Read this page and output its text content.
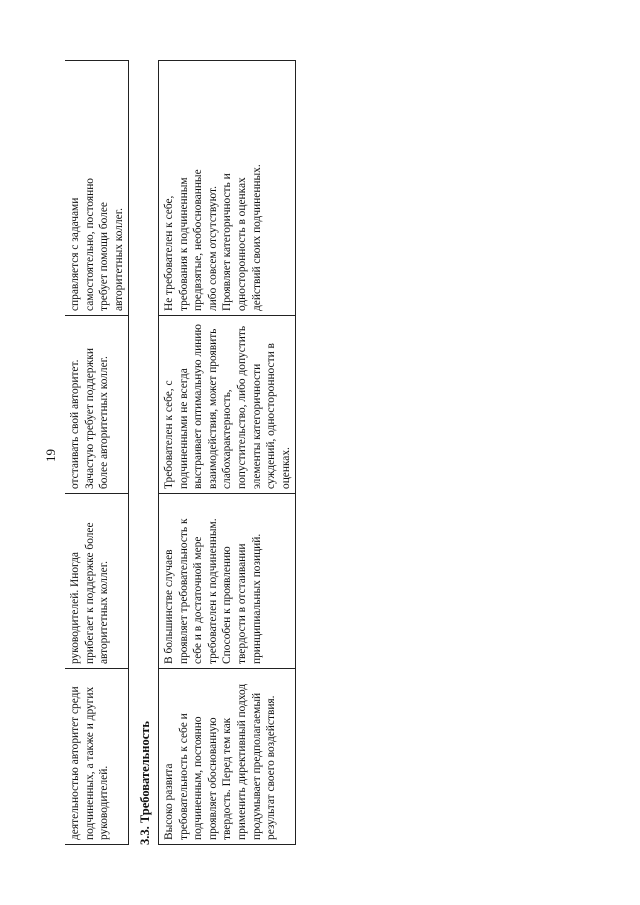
19
деятельностью авторитет среди подчиненных, а также и других руководителей.

руководителей. Иногда прибегает к поддержке более авторитетных коллег.

отстаивать свой авторитет. Зачастую требует поддержки более авторитетных коллег.

справляется с задачами самостоятельно, постоянно требует помощи более авторитетных коллег.
3.3. Требовательность Высоко развита требовательность к себе и подчиненным, постоянно проявляет обоснованную твердость. Перед тем как применить директивный подход продумывает предполагаемый результат своего воздействия.

В большинстве случаев проявляет требовательность к себе и в достаточной мере требователен к подчиненным. Способен к проявлению твердости в отстаивании принципиальных позиций.

Требователен к себе, с подчиненными не всегда выстраивает оптимальную линию взаимодействия, может проявить слабохарактерность, попустительство, либо допустить элементы категоричности суждений, односторонности в оценках.

Не требователен к себе, требования к подчиненным предвзятые, необоснованные либо совсем отсутствуют. Проявляет категоричность и односторонность в оценках действий своих подчиненных.
